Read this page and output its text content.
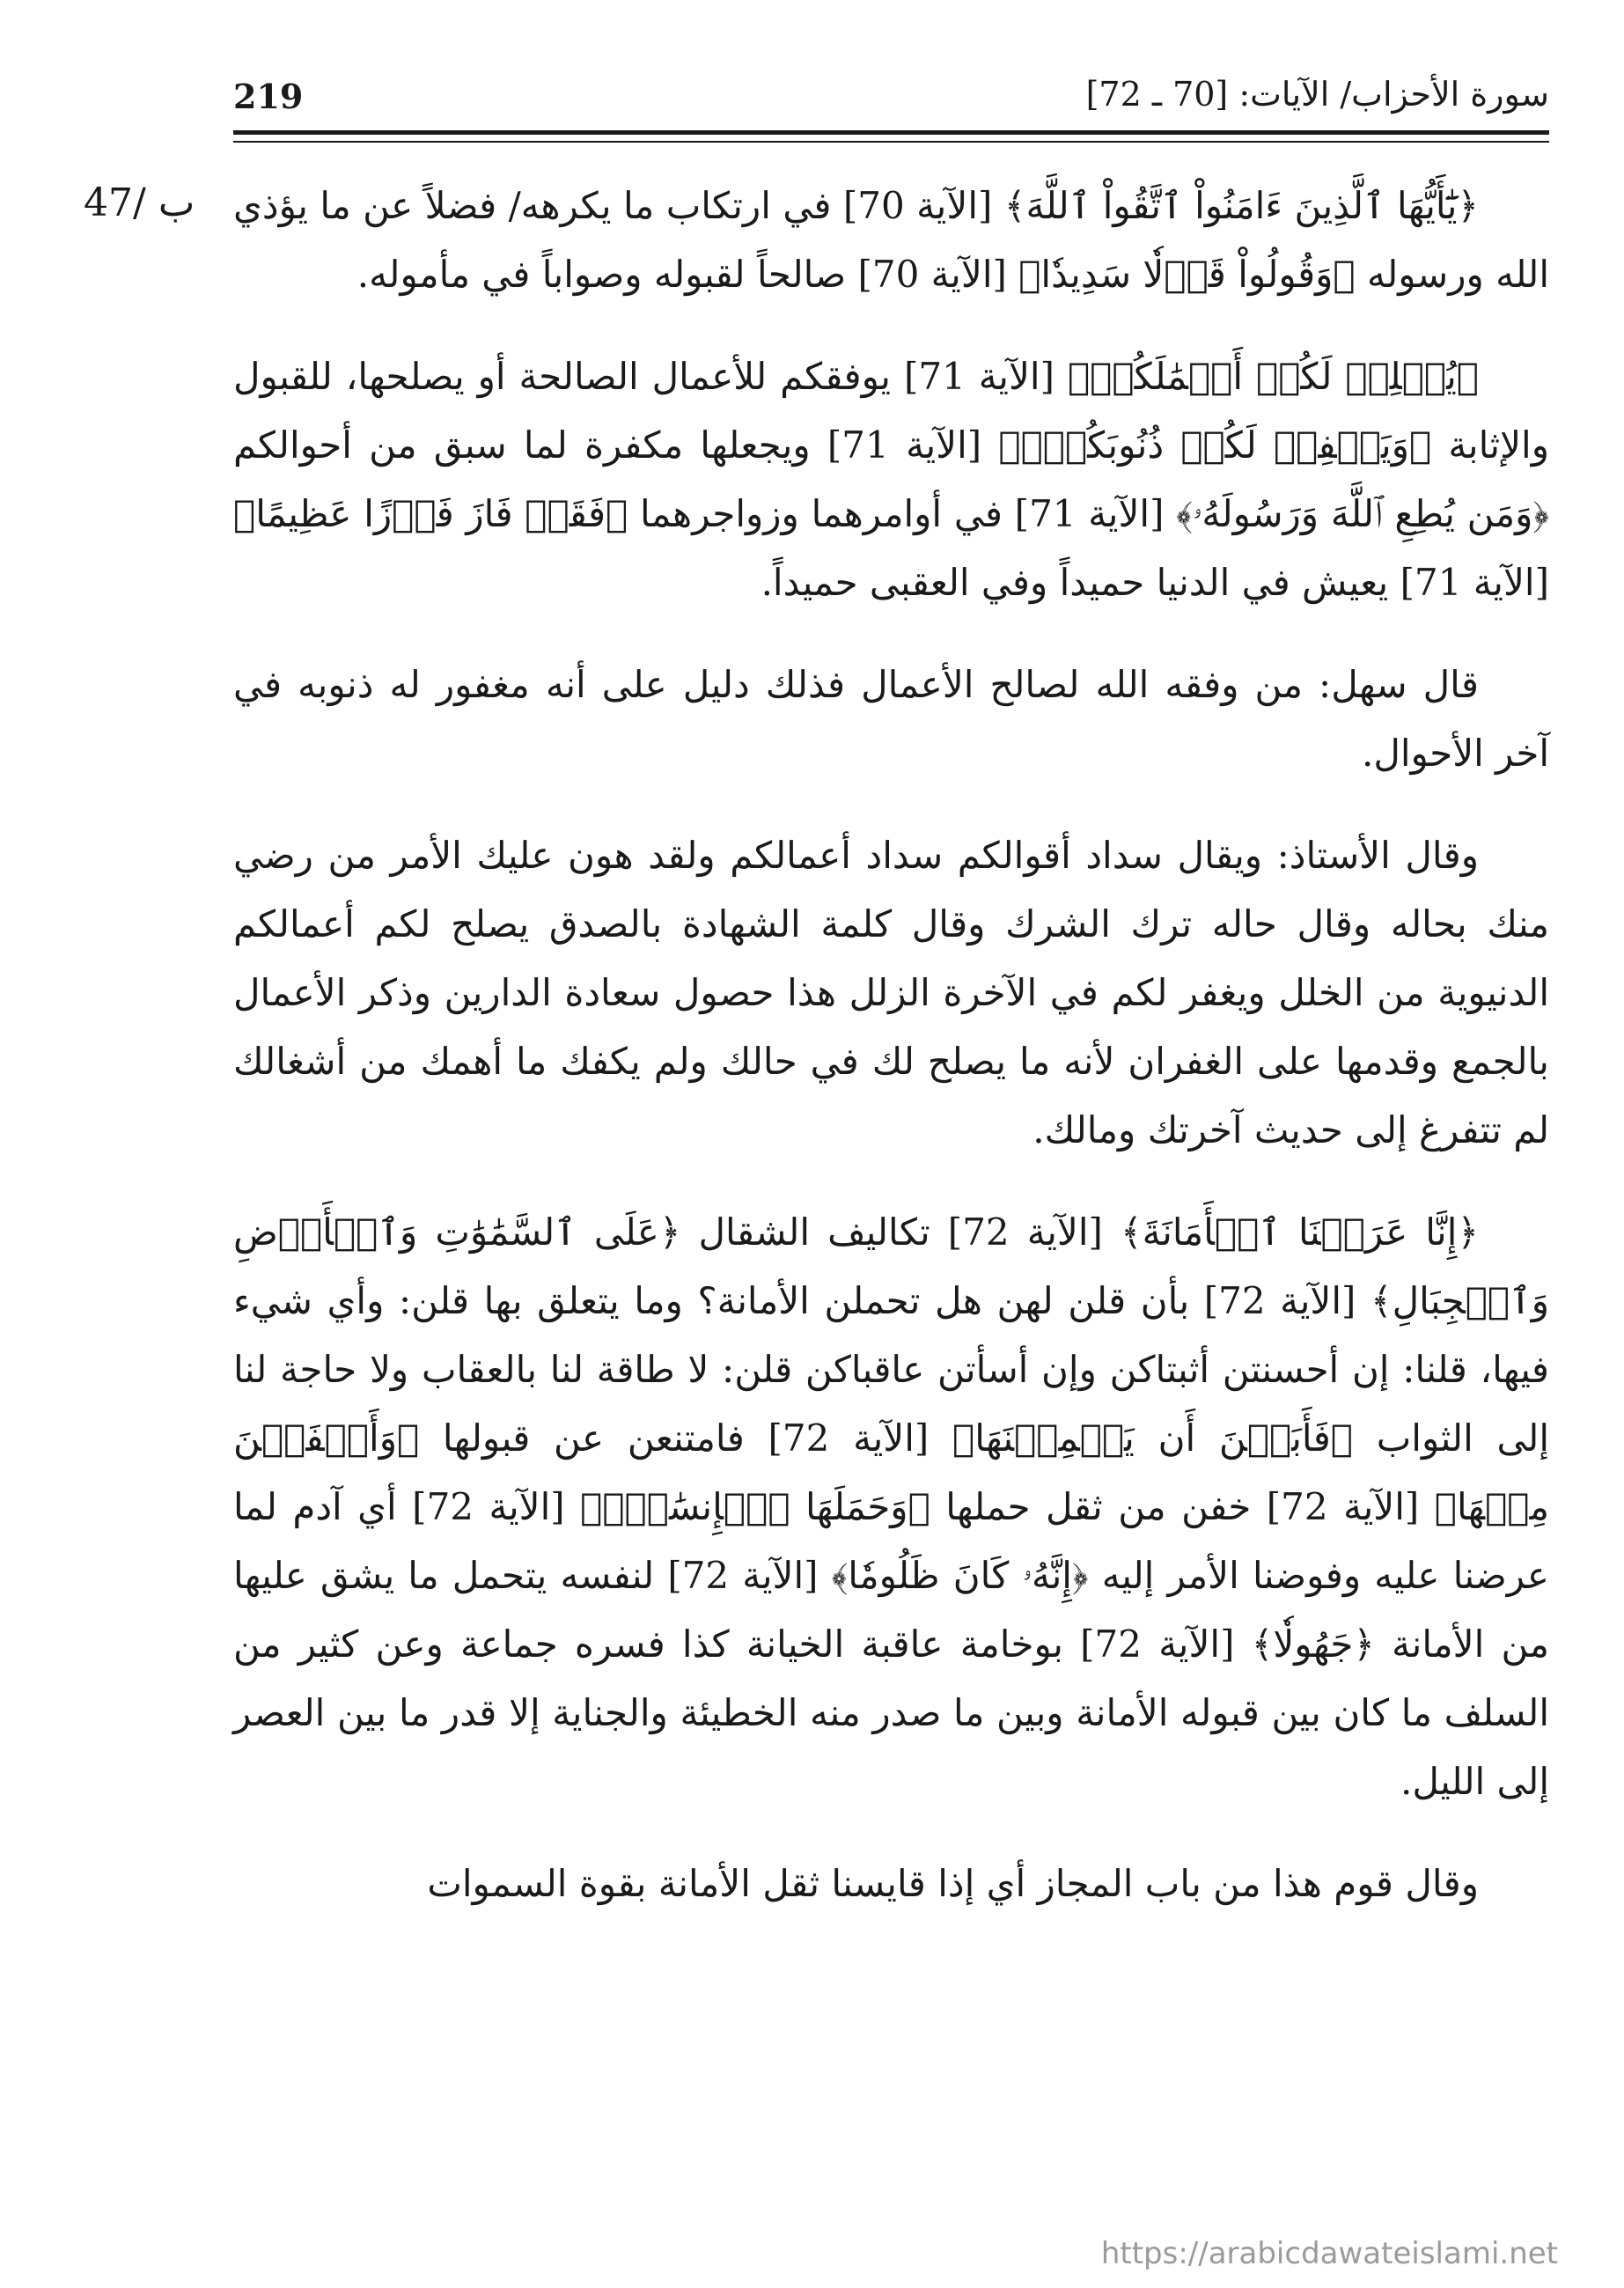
219	سورة الأحزاب/ الآيات: [70 ـ 72]
47/ ب ﴿يَٰٓأَيُّهَا ٱلَّذِينَ ءَامَنُواْ ٱتَّقُواْ ٱللَّهَ﴾ [الآية 70] في ارتكاب ما يكرهه/ فضلاً عن ما يؤذي الله ورسوله ﴿وَقُولُواْ قَوۡلٗا سَدِيدٗا﴾ [الآية 70] صالحاً لقبوله وصواباً في مأموله.

﴿يُصۡلِحۡ لَكُمۡ أَعۡمَٰلَكُمۡ﴾ [الآية 71] يوفقكم للأعمال الصالحة أو يصلحها، للقبول والإثابة ﴿وَيَغۡفِرۡ لَكُمۡ ذُنُوبَكُمۡۗ﴾ [الآية 71] ويجعلها مكفرة لما سبق من أحوالكم ﴿وَمَن يُطِعِ ٱللَّهَ وَرَسُولَهُۥ﴾ [الآية 71] في أوامرهما وزواجرهما ﴿فَقَدۡ فَازَ فَوۡزًا عَظِيمًا﴾ [الآية 71] يعيش في الدنيا حميداً وفي العقبى حميداً.

قال سهل: من وفقه الله لصالح الأعمال فذلك دليل على أنه مغفور له ذنوبه في آخر الأحوال.

وقال الأستاذ: ويقال سداد أقوالكم سداد أعمالكم ولقد هون عليك الأمر من رضي منك بحاله وقال حاله ترك الشرك وقال كلمة الشهادة بالصدق يصلح لكم أعمالكم الدنيوية من الخلل ويغفر لكم في الآخرة الزلل هذا حصول سعادة الدارين وذكر الأعمال بالجمع وقدمها على الغفران لأنه ما يصلح لك في حالك ولم يكفك ما أهمك من أشغالك لم تتفرغ إلى حديث آخرتك ومالك.

﴿إِنَّا عَرَضۡنَا ٱلۡأَمَانَةَ﴾ [الآية 72] تكاليف الشقال ﴿عَلَى ٱلسَّمَٰوَٰتِ وَٱلۡأَرۡضِ وَٱلۡجِبَالِ﴾ [الآية 72] بأن قلن لهن هل تحملن الأمانة؟ وما يتعلق بها قلن: وأي شيء فيها، قلنا: إن أحسنتن أثبتاكن وإن أسأتن عاقباكن قلن: لا طاقة لنا بالعقاب ولا حاجة لنا إلى الثواب ﴿فَأَبَيۡنَ أَن يَحۡمِلۡنَهَا﴾ [الآية 72] فامتنعن عن قبولها ﴿وَأَشۡفَقۡنَ مِنۡهَا﴾ [الآية 72] خفن من ثقل حملها ﴿وَحَمَلَهَا ٱلۡإِنسَٰنُۖ﴾ [الآية 72] أي آدم لما عرضنا عليه وفوضنا الأمر إليه ﴿إِنَّهُۥ كَانَ ظَلُومٗا﴾ [الآية 72] لنفسه يتحمل ما يشق عليها من الأمانة ﴿جَهُولٗا﴾ [الآية 72] بوخامة عاقبة الخيانة كذا فسره جماعة وعن كثير من السلف ما كان بين قبوله الأمانة وبين ما صدر منه الخطيئة والجناية إلا قدر ما بين العصر إلى الليل.

وقال قوم هذا من باب المجاز أي إذا قايسنا ثقل الأمانة بقوة السموات

https://arabicdawateislami.net
